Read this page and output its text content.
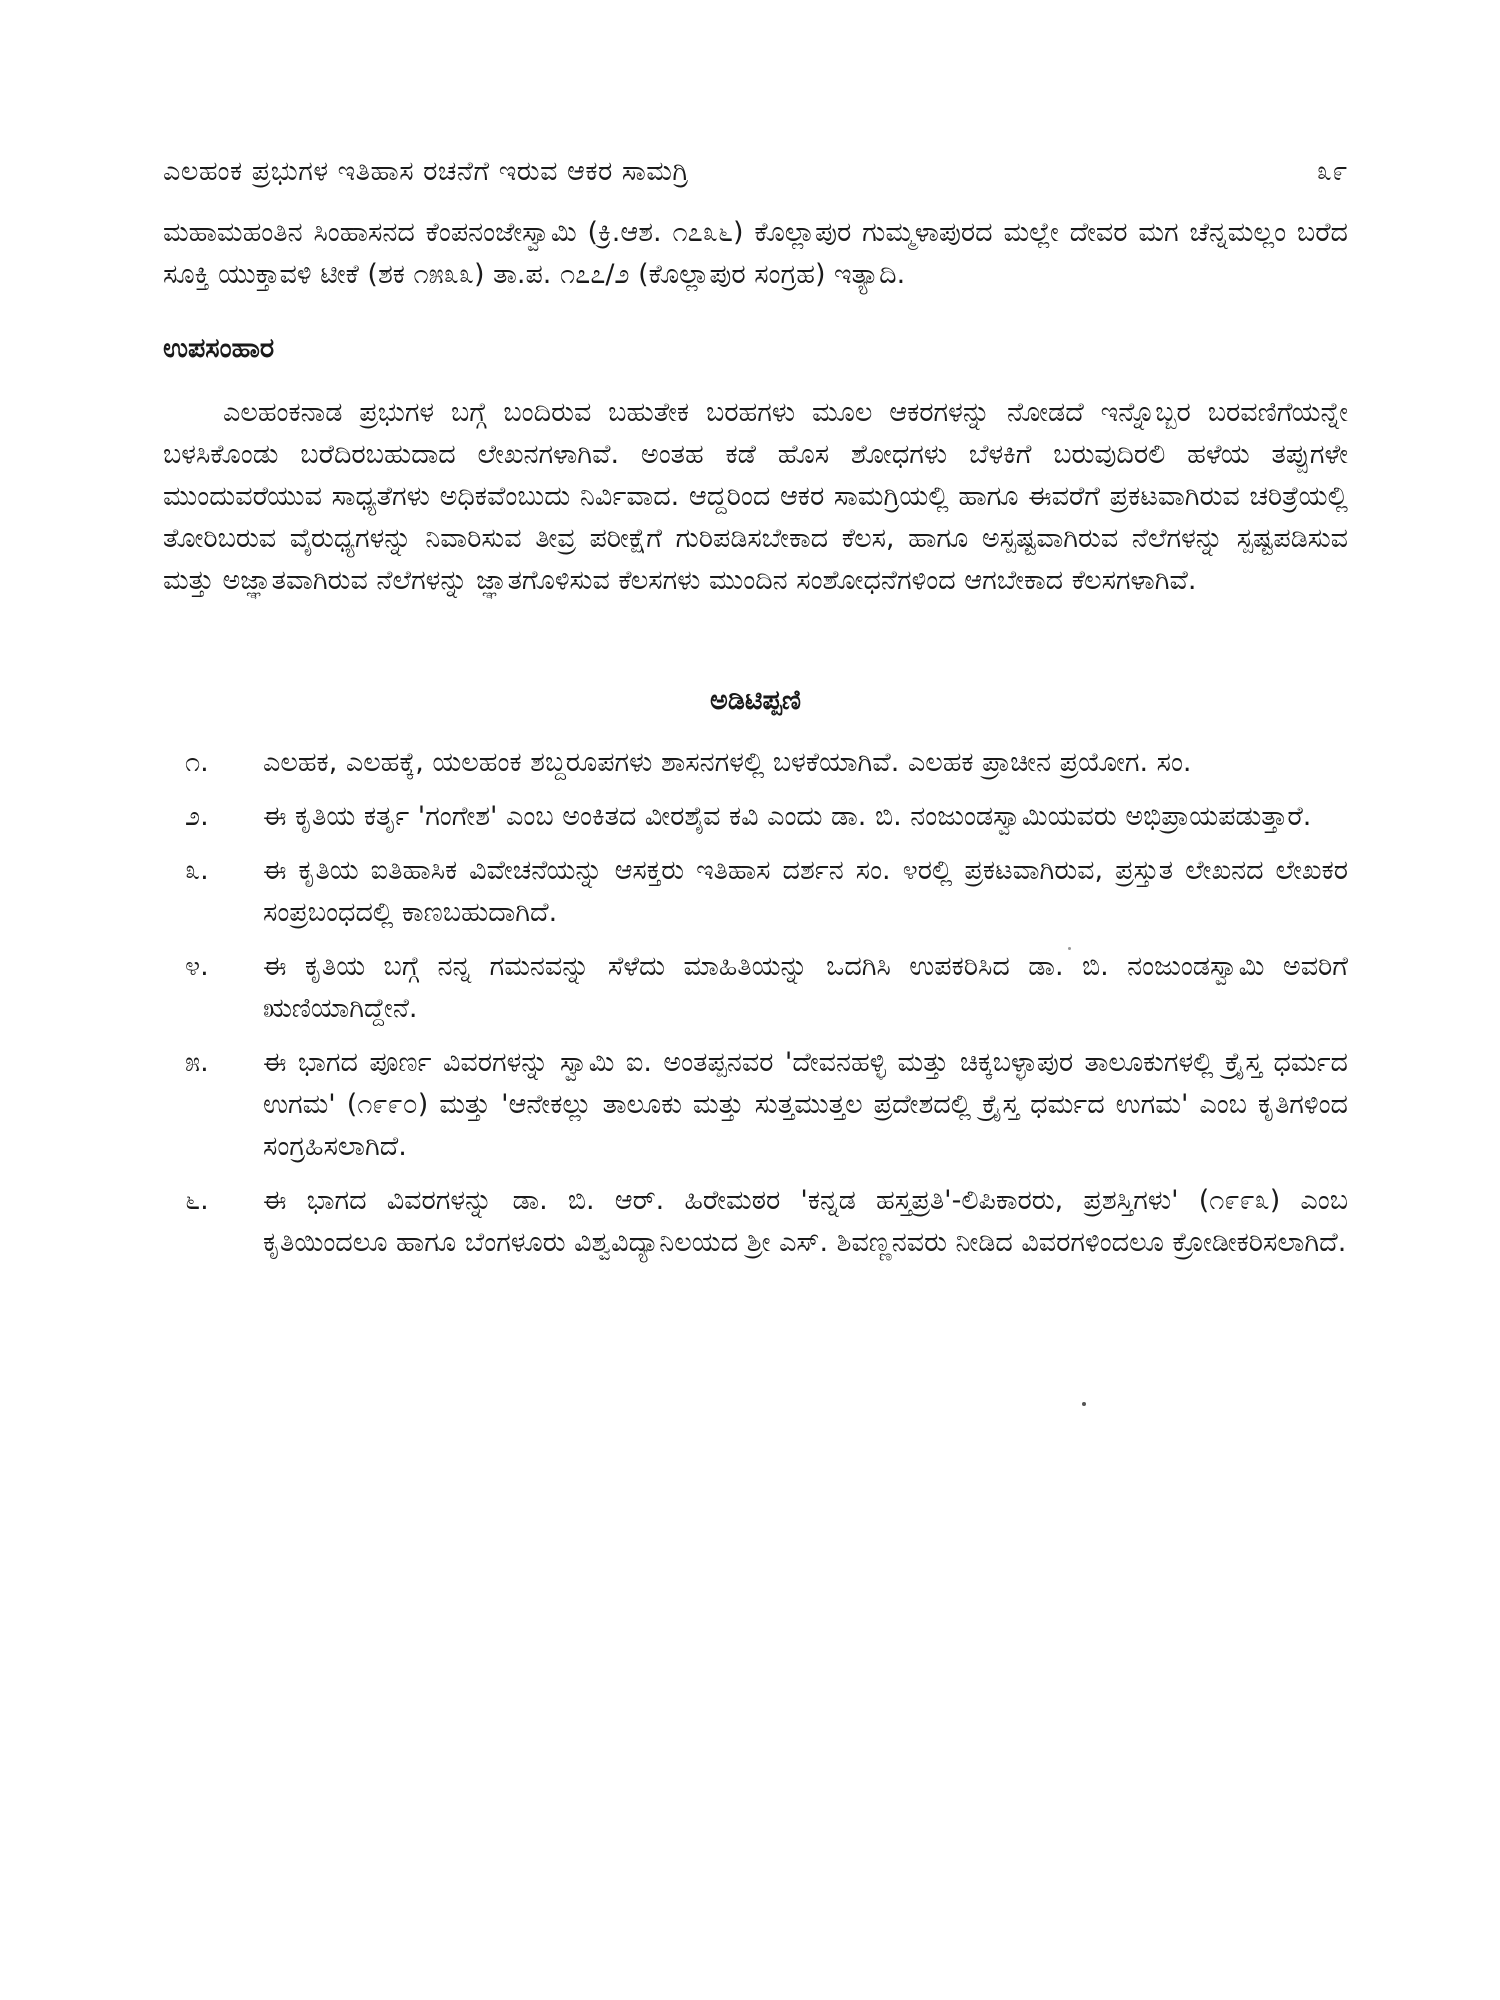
ಎಲಹಂಕ ಪ್ರಭುಗಳ ಇತಿಹಾಸ ರಚನೆಗೆ ಇರುವ ಆಕರ ಸಾಮಗ್ರಿ	೩೯
ಮಹಾಮಹಂತಿನ ಸಿಂಹಾಸನದ ಕೆಂಪನಂಜೇಸ್ವಾಮಿ (ಕ್ರಿ.ಆಶ. ೧೭೩೬) ಕೊಲ್ಲಾಪುರ ಗುಮ್ಮಳಾಪುರದ ಮಲ್ಲೇ ದೇವರ ಮಗ ಚೆನ್ನಮಲ್ಲಂ ಬರೆದ ಸೂಕ್ತಿ ಯುಕ್ತಾವಳಿ ಟೀಕೆ (ಶಕ ೧೫೩೩) ತಾ.ಪ. ೧೭೭/೨ (ಕೊಲ್ಲಾಪುರ ಸಂಗ್ರಹ) ಇತ್ಯಾದಿ.
ಉಪಸಂಹಾರ
ಎಲಹಂಕನಾಡ ಪ್ರಭುಗಳ ಬಗ್ಗೆ ಬಂದಿರುವ ಬಹುತೇಕ ಬರಹಗಳು ಮೂಲ ಆಕರಗಳನ್ನು ನೋಡದೆ ಇನ್ನೊಬ್ಬರ ಬರವಣಿಗೆಯನ್ನೇ ಬಳಸಿಕೊಂಡು ಬರೆದಿರಬಹುದಾದ ಲೇಖನಗಳಾಗಿವೆ. ಅಂತಹ ಕಡೆ ಹೊಸ ಶೋಧಗಳು ಬೆಳಕಿಗೆ ಬರುವುದಿರಲಿ ಹಳೆಯ ತಪ್ಪುಗಳೇ ಮುಂದುವರೆಯುವ ಸಾಧ್ಯತೆಗಳು ಅಧಿಕವೆಂಬುದು ನಿರ್ವಿವಾದ. ಆದ್ದರಿಂದ ಆಕರ ಸಾಮಗ್ರಿಯಲ್ಲಿ ಹಾಗೂ ಈವರೆಗೆ ಪ್ರಕಟವಾಗಿರುವ ಚರಿತ್ರೆಯಲ್ಲಿ ತೋರಿಬರುವ ವೈರುಧ್ಯಗಳನ್ನು ನಿವಾರಿಸುವ ತೀವ್ರ ಪರೀಕ್ಷೆಗೆ ಗುರಿಪಡಿಸಬೇಕಾದ ಕೆಲಸ, ಹಾಗೂ ಅಸ್ಪಷ್ಟವಾಗಿರುವ ನೆಲೆಗಳನ್ನು ಸ್ಪಷ್ಟಪಡಿಸುವ ಮತ್ತು ಅಜ್ಞಾತವಾಗಿರುವ ನೆಲೆಗಳನ್ನು ಜ್ಞಾತಗೊಳಿಸುವ ಕೆಲಸಗಳು ಮುಂದಿನ ಸಂಶೋಧನೆಗಳಿಂದ ಆಗಬೇಕಾದ ಕೆಲಸಗಳಾಗಿವೆ.
ಅಡಿಟಿಪ್ಪಣಿ
೧.	ಎಲಹಕ, ಎಲಹಕ್ಕೆ, ಯಲಹಂಕ ಶಬ್ದರೂಪಗಳು ಶಾಸನಗಳಲ್ಲಿ ಬಳಕೆಯಾಗಿವೆ. ಎಲಹಕ ಪ್ರಾಚೀನ ಪ್ರಯೋಗ. ಸಂ.
೨.	ಈ ಕೃತಿಯ ಕರ್ತೃ 'ಗಂಗೇಶ' ಎಂಬ ಅಂಕಿತದ ವೀರಶೈವ ಕವಿ ಎಂದು ಡಾ. ಬಿ. ನಂಜುಂಡಸ್ವಾಮಿಯವರು ಅಭಿಪ್ರಾಯಪಡುತ್ತಾರೆ.
೩.	ಈ ಕೃತಿಯ ಐತಿಹಾಸಿಕ ವಿವೇಚನೆಯನ್ನು ಆಸಕ್ತರು ಇತಿಹಾಸ ದರ್ಶನ ಸಂ. ೪ರಲ್ಲಿ ಪ್ರಕಟವಾಗಿರುವ, ಪ್ರಸ್ತುತ ಲೇಖನದ ಲೇಖಕರ ಸಂಪ್ರಬಂಧದಲ್ಲಿ ಕಾಣಬಹುದಾಗಿದೆ.
೪.	ಈ ಕೃತಿಯ ಬಗ್ಗೆ ನನ್ನ ಗಮನವನ್ನು ಸೆಳೆದು ಮಾಹಿತಿಯನ್ನು ಒದಗಿಸಿ ಉಪಕರಿಸಿದ ಡಾ. ಬಿ. ನಂಜುಂಡಸ್ವಾಮಿ ಅವರಿಗೆ ಋಣಿಯಾಗಿದ್ದೇನೆ.
೫.	ಈ ಭಾಗದ ಪೂರ್ಣ ವಿವರಗಳನ್ನು ಸ್ವಾಮಿ ಐ. ಅಂತಪ್ಪನವರ 'ದೇವನಹಳ್ಳಿ ಮತ್ತು ಚಿಕ್ಕಬಳ್ಳಾಪುರ ತಾಲೂಕುಗಳಲ್ಲಿ ಕ್ರೈಸ್ತ ಧರ್ಮದ ಉಗಮ' (೧೯೯೦) ಮತ್ತು 'ಆನೇಕಲ್ಲು ತಾಲೂಕು ಮತ್ತು ಸುತ್ತಮುತ್ತಲ ಪ್ರದೇಶದಲ್ಲಿ ಕ್ರೈಸ್ತ ಧರ್ಮದ ಉಗಮ' ಎಂಬ ಕೃತಿಗಳಿಂದ ಸಂಗ್ರಹಿಸಲಾಗಿದೆ.
೬.	ಈ ಭಾಗದ ವಿವರಗಳನ್ನು ಡಾ. ಬಿ. ಆರ್. ಹಿರೇಮಠರ 'ಕನ್ನಡ ಹಸ್ತಪ್ರತಿ'-ಲಿಪಿಕಾರರು, ಪ್ರಶಸ್ತಿಗಳು' (೧೯೯೩) ಎಂಬ ಕೃತಿಯಿಂದಲೂ ಹಾಗೂ ಬೆಂಗಳೂರು ವಿಶ್ವವಿದ್ಯಾನಿಲಯದ ಶ್ರೀ ಎಸ್. ಶಿವಣ್ಣನವರು ನೀಡಿದ ವಿವರಗಳಿಂದಲೂ ಕ್ರೋಡೀಕರಿಸಲಾಗಿದೆ.
